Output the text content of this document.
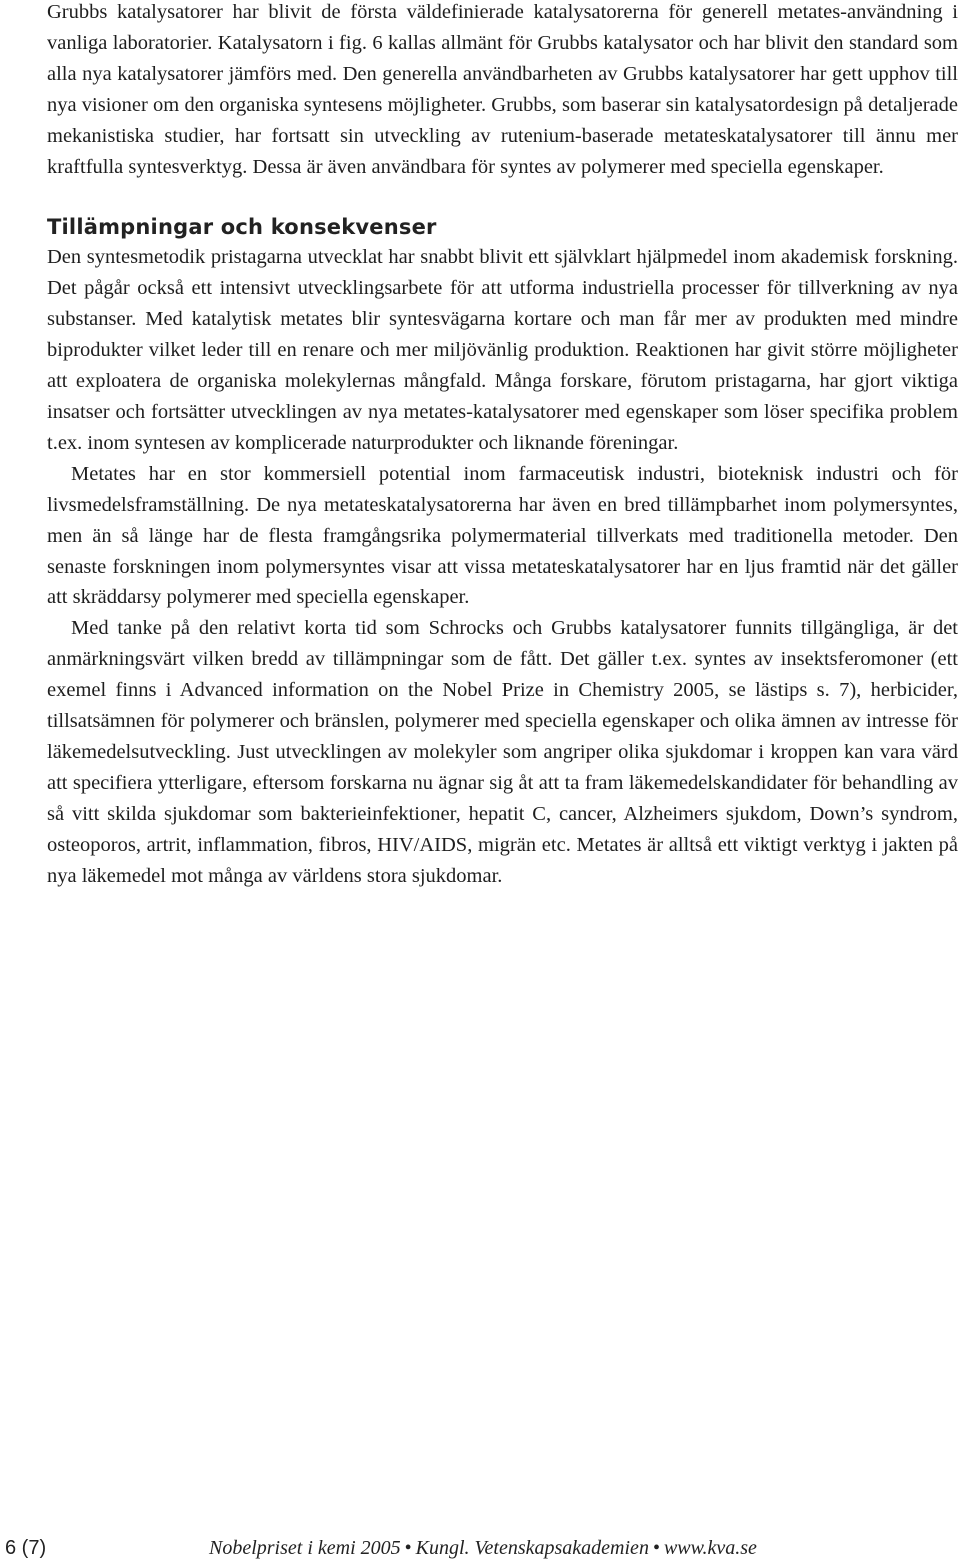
Grubbs katalysatorer har blivit de första väldefinierade katalysatorerna för generell metates-användning i vanliga laboratorier. Katalysatorn i fig. 6 kallas allmänt för Grubbs katalysator och har blivit den standard som alla nya katalysatorer jämförs med. Den generella användbarheten av Grubbs katalysatorer har gett upphov till nya visioner om den organiska syntesens möjligheter. Grubbs, som baserar sin katalysatordesign på detaljerade mekanistiska studier, har fortsatt sin utveckling av rutenium-baserade metateskatalysatorer till ännu mer kraftfulla syntesverktyg. Dessa är även användbara för syntes av polymerer med speciella egenskaper.

Tillämpningar och konsekvenser

Den syntesmetodik pristagarna utvecklat har snabbt blivit ett självklart hjälpmedel inom akademisk forskning. Det pågår också ett intensivt utvecklingsarbete för att utforma industriella processer för tillverkning av nya substanser. Med katalytisk metates blir syntesvägarna kortare och man får mer av produkten med mindre biprodukter vilket leder till en renare och mer miljövänlig produktion. Reaktionen har givit större möjligheter att exploatera de organiska molekylernas mångfald. Många forskare, förutom pristagarna, har gjort viktiga insatser och fortsätter utvecklingen av nya metates-katalysatorer med egenskaper som löser specifika problem t.ex. inom syntesen av komplicerade naturprodukter och liknande föreningar.

Metates har en stor kommersiell potential inom farmaceutisk industri, bioteknisk industri och för livsmedelsframställning. De nya metateskatalysatorerna har även en bred tillämpbarhet inom polymersyntes, men än så länge har de flesta framgångsrika polymermaterial tillverkats med traditionella metoder. Den senaste forskningen inom polymersyntes visar att vissa metateskatalysatorer har en ljus framtid när det gäller att skräddarsy polymerer med speciella egenskaper.

Med tanke på den relativt korta tid som Schrocks och Grubbs katalysatorer funnits tillgängliga, är det anmärkningsvärt vilken bredd av tillämpningar som de fått. Det gäller t.ex. syntes av insektsferomoner (ett exemel finns i Advanced information on the Nobel Prize in Chemistry 2005, se lästips s. 7), herbicider, tillsatsämnen för polymerer och bränslen, polymerer med speciella egenskaper och olika ämnen av intresse för läkemedelsutveckling. Just utvecklingen av molekyler som angriper olika sjukdomar i kroppen kan vara värd att specifiera ytterligare, eftersom forskarna nu ägnar sig åt att ta fram läkemedelskandidater för behandling av så vitt skilda sjukdomar som bakterieinfektioner, hepatit C, cancer, Alzheimers sjukdom, Down’s syndrom, osteoporos, artrit, inflammation, fibros, HIV/AIDS, migrän etc. Metates är alltså ett viktigt verktyg i jakten på nya läkemedel mot många av världens stora sjukdomar.

6 (7)	Nobelpriset i kemi 2005 • Kungl. Vetenskapsakademien • www.kva.se
